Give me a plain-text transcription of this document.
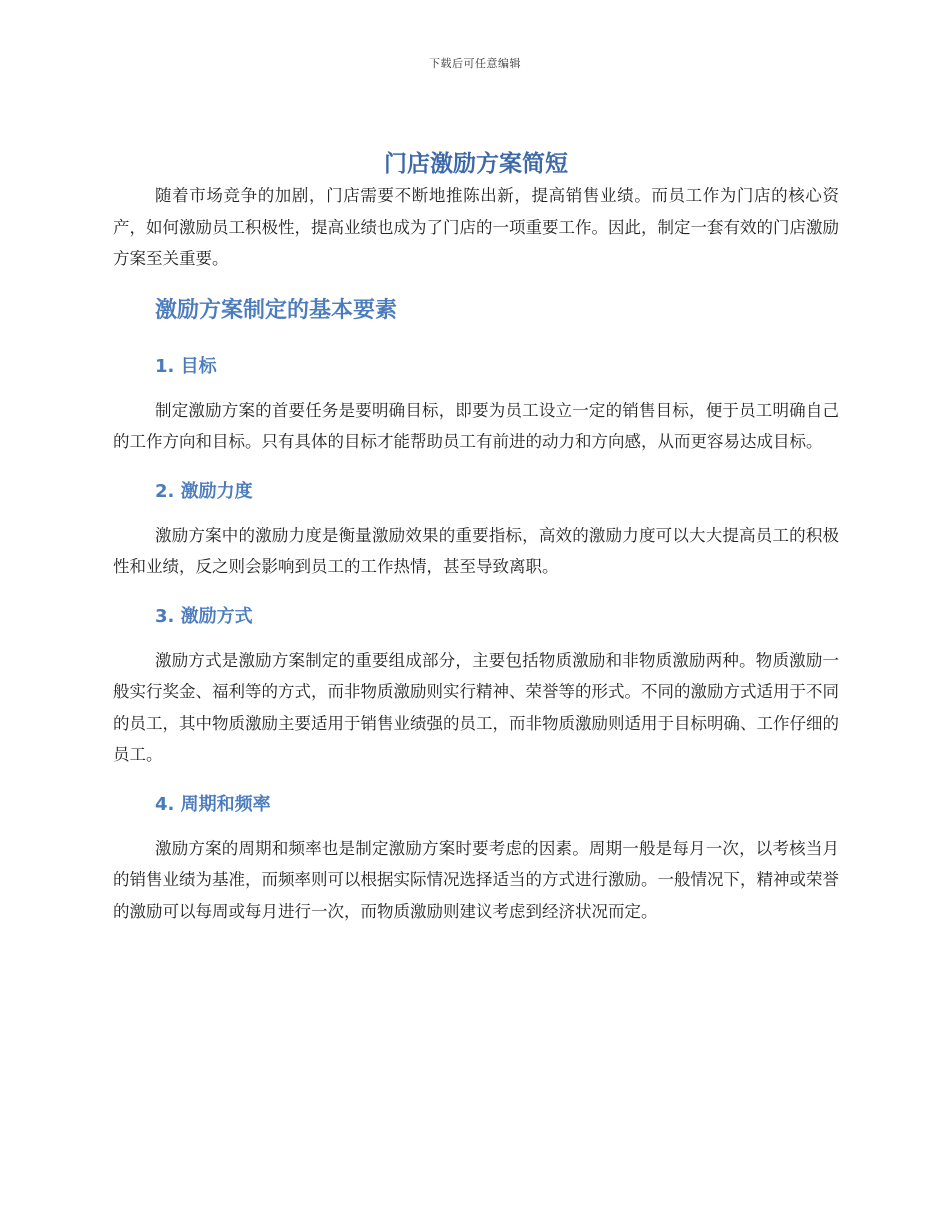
下载后可任意编辑
门店激励方案简短

随着市场竞争的加剧，门店需要不断地推陈出新，提高销售业绩。而员工作为门店的核心资产，如何激励员工积极性，提高业绩也成为了门店的一项重要工作。因此，制定一套有效的门店激励方案至关重要。

激励方案制定的基本要素
1. 目标

制定激励方案的首要任务是要明确目标，即要为员工设立一定的销售目标，便于员工明确自己的工作方向和目标。只有具体的目标才能帮助员工有前进的动力和方向感，从而更容易达成目标。

2. 激励力度

激励方案中的激励力度是衡量激励效果的重要指标，高效的激励力度可以大大提高员工的积极性和业绩，反之则会影响到员工的工作热情，甚至导致离职。

3. 激励方式

激励方式是激励方案制定的重要组成部分，主要包括物质激励和非物质激励两种。物质激励一般实行奖金、福利等的方式，而非物质激励则实行精神、荣誉等的形式。不同的激励方式适用于不同的员工，其中物质激励主要适用于销售业绩强的员工，而非物质激励则适用于目标明确、工作仔细的员工。

4. 周期和频率

激励方案的周期和频率也是制定激励方案时要考虑的因素。周期一般是每月一次，以考核当月的销售业绩为基准，而频率则可以根据实际情况选择适当的方式进行激励。一般情况下，精神或荣誉的激励可以每周或每月进行一次，而物质激励则建议考虑到经济状况而定。
